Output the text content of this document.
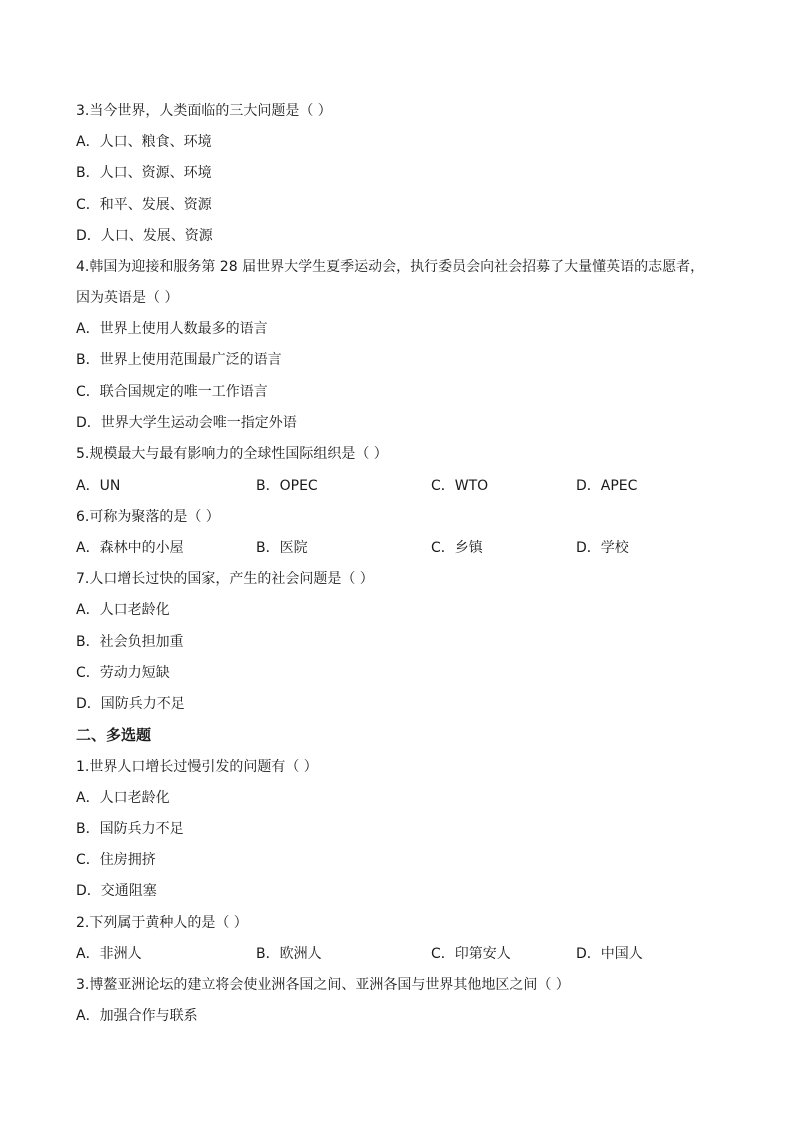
3.当今世界，人类面临的三大问题是（ ）
A．人口、粮食、环境
B．人口、资源、环境
C．和平、发展、资源
D．人口、发展、资源
4.韩国为迎接和服务第 28 届世界大学生夏季运动会，执行委员会向社会招募了大量懂英语的志愿者，
因为英语是（ ）
A．世界上使用人数最多的语言
B．世界上使用范围最广泛的语言
C．联合国规定的唯一工作语言
D．世界大学生运动会唯一指定外语
5.规模最大与最有影响力的全球性国际组织是（ ）
A．UN	B．OPEC	C．WTO	D．APEC
6.可称为聚落的是（ ）
A．森林中的小屋	B．医院	C．乡镇	D．学校
7.人口增长过快的国家，产生的社会问题是（ ）
A．人口老龄化
B．社会负担加重
C．劳动力短缺
D．国防兵力不足
二、多选题
1.世界人口增长过慢引发的问题有（ ）
A．人口老龄化
B．国防兵力不足
C．住房拥挤
D．交通阻塞
2.下列属于黄种人的是（ ）
A．非洲人	B．欧洲人	C．印第安人	D．中国人
3.博鳌亚洲论坛的建立将会使业洲各国之间、亚洲各国与世界其他地区之间（ ）
A．加强合作与联系
